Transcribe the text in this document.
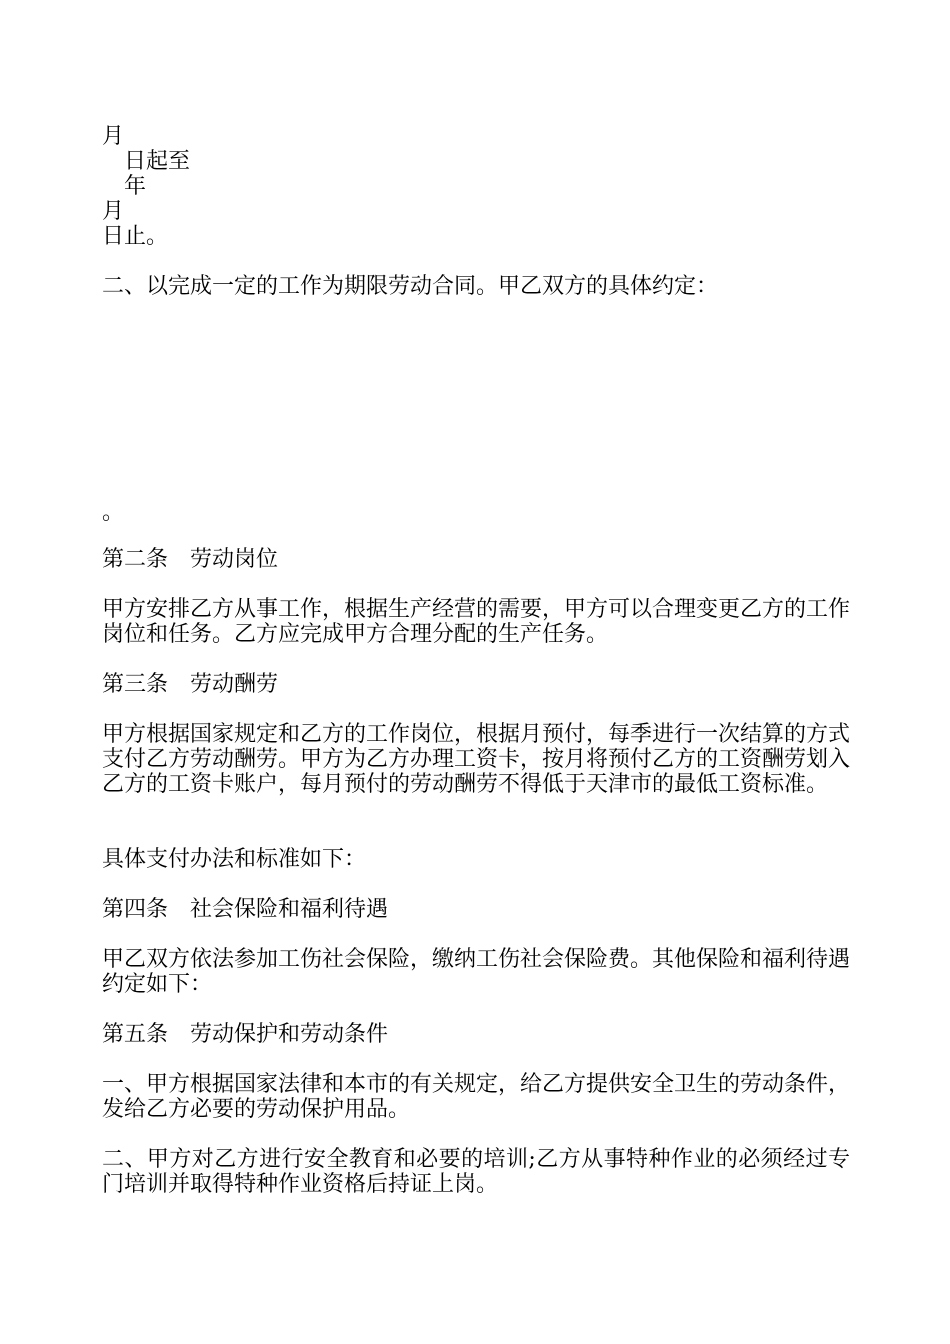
月
日起至
年
月
日止。
二、以完成一定的工作为期限劳动合同。甲乙双方的具体约定：
。
第二条　劳动岗位
甲方安排乙方从事工作，根据生产经营的需要，甲方可以合理变更乙方的工作岗位和任务。乙方应完成甲方合理分配的生产任务。
第三条　劳动酬劳
甲方根据国家规定和乙方的工作岗位，根据月预付，每季进行一次结算的方式支付乙方劳动酬劳。甲方为乙方办理工资卡，按月将预付乙方的工资酬劳划入乙方的工资卡账户，每月预付的劳动酬劳不得低于天津市的最低工资标准。
具体支付办法和标准如下：
第四条　社会保险和福利待遇
甲乙双方依法参加工伤社会保险，缴纳工伤社会保险费。其他保险和福利待遇约定如下：
第五条　劳动保护和劳动条件
一、甲方根据国家法律和本市的有关规定，给乙方提供安全卫生的劳动条件，发给乙方必要的劳动保护用品。
二、甲方对乙方进行安全教育和必要的培训;乙方从事特种作业的必须经过专门培训并取得特种作业资格后持证上岗。
